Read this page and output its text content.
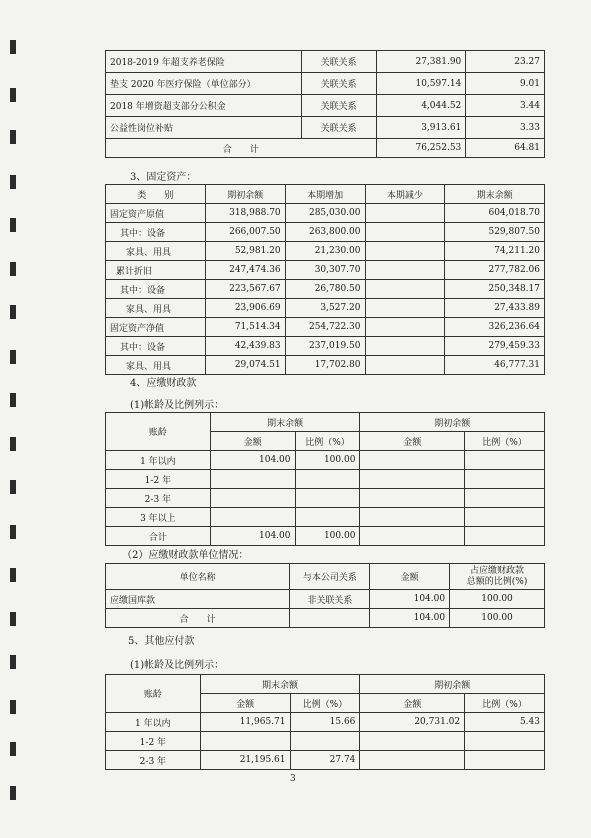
2018-2019 年超支养老保险	关联关系	27,381.90	23.27
垫支 2020 年医疗保险（单位部分）	关联关系	10,597.14	9.01
2018 年增资超支部分公积金	关联关系	4,044.52	3.44
公益性岗位补贴	关联关系	3,913.61	3.33
合　　计		76,252.53	64.81
3、固定资产：
类　　别	期初余额	本期增加	本期减少	期末余额
固定资产原值	318,988.70	285,030.00		604,018.70
其中：设备	266,007.50	263,800.00		529,807.50
家具、用具	52,981.20	21,230.00		74,211.20
累计折旧	247,474.36	30,307.70		277,782.06
其中：设备	223,567.67	26,780.50		250,348.17
家具、用具	23,906.69	3,527.20		27,433.89
固定资产净值	71,514.34	254,722.30		326,236.64
其中：设备	42,439.83	237,019.50		279,459.33
家具、用具	29,074.51	17,702.80		46,777.31
4、应缴财政款
(1)帐龄及比例列示：
账龄	期末余额		期初余额	
	金额	比例（%）	金额	比例（%）
1 年以内	104.00	100.00		
1-2 年				
2-3 年				
3 年以上				
合计	104.00	100.00		
（2）应缴财政款单位情况：
单位名称	与本公司关系	金额	占应缴财政款
总额的比例(%)
应缴国库款	非关联关系	104.00	100.00
合　　计		104.00	100.00
5、其他应付款
(1)帐龄及比例列示：
账龄	期末余额		期初余额	
	金额	比例（%）	金额	比例（%）
1 年以内	11,965.71	15.66	20,731.02	5.43
1-2 年				
2-3 年	21,195.61	27.74		
3
